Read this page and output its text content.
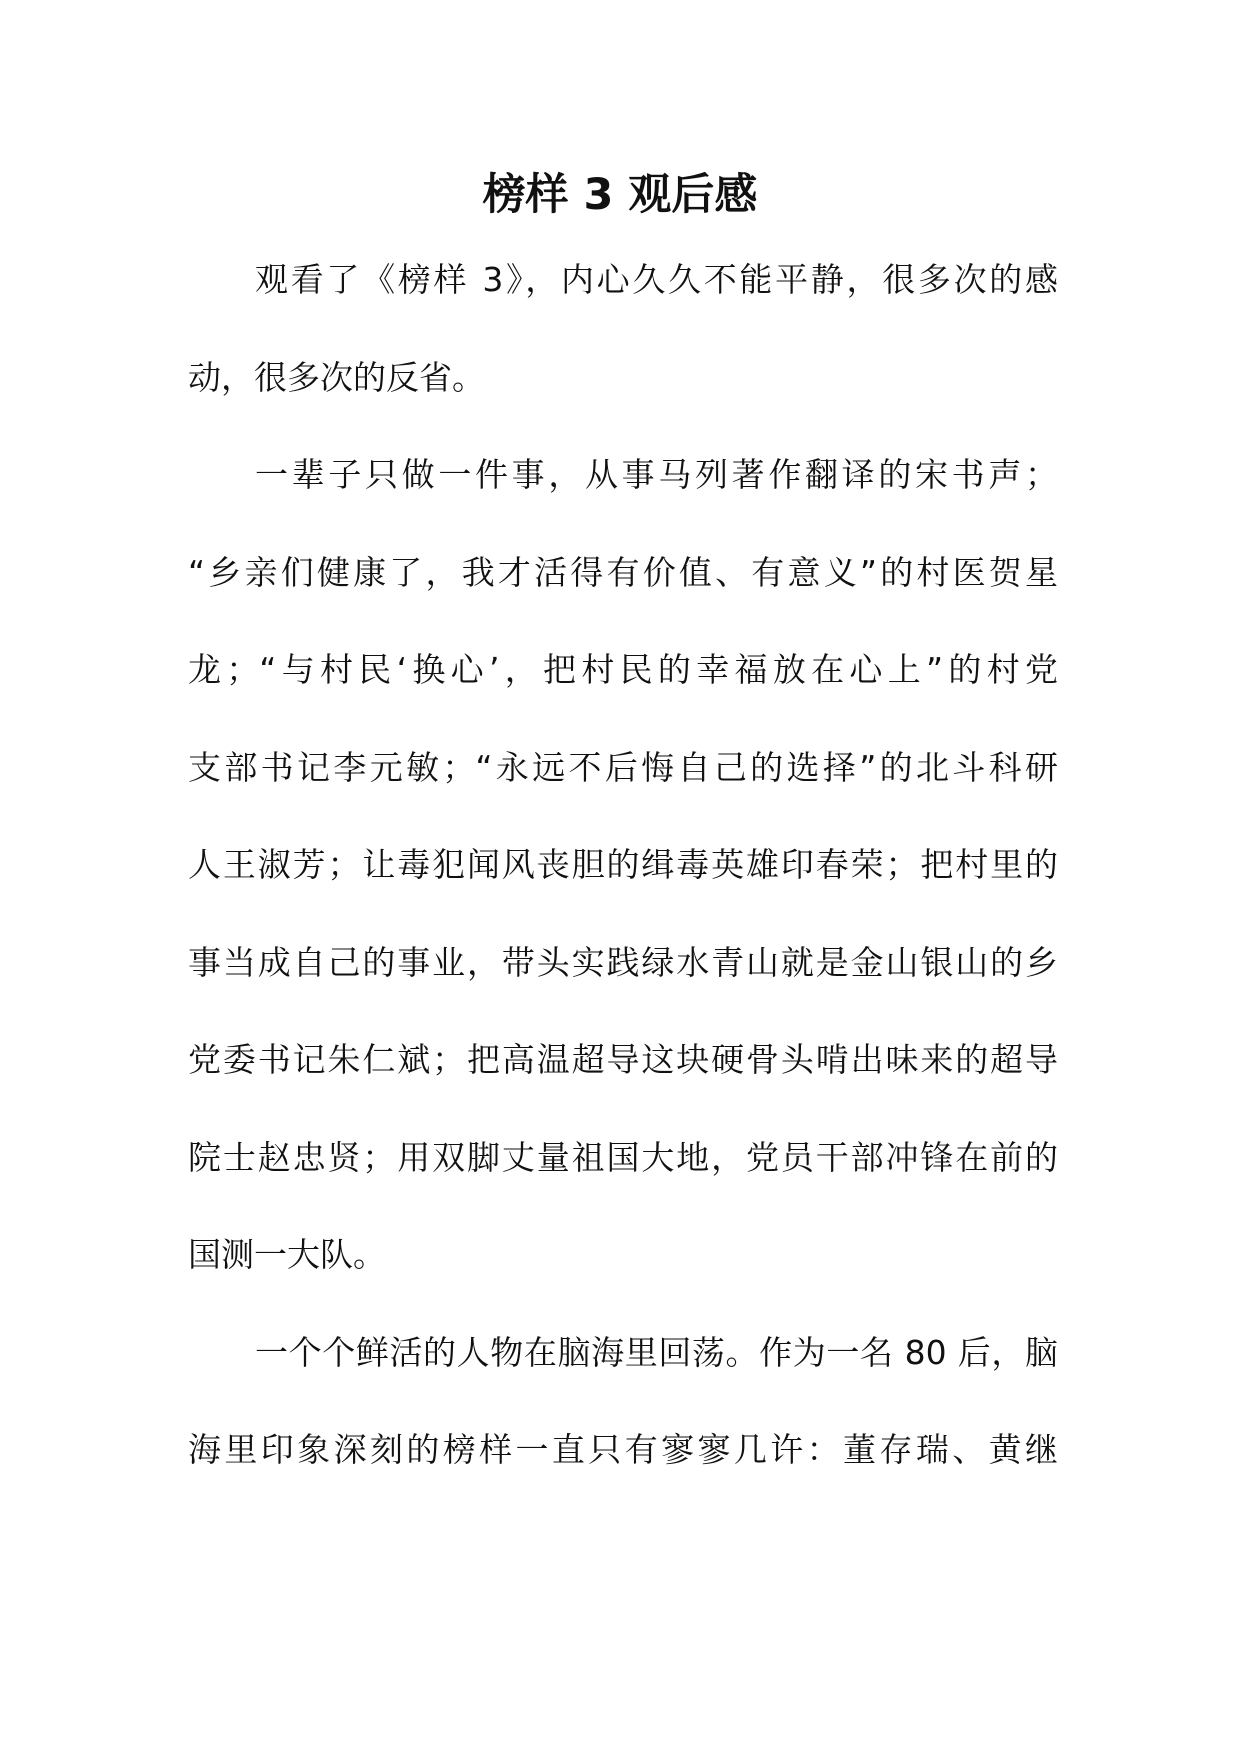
榜样 3 观后感

观看了《榜样 3》，内心久久不能平静，很多次的感

动，很多次的反省。

一辈子只做一件事，从事马列著作翻译的宋书声；

“乡亲们健康了，我才活得有价值、有意义”的村医贺星

龙；“与村民‘换心’，把村民的幸福放在心上”的村党

支部书记李元敏；“永远不后悔自己的选择”的北斗科研

人王淑芳；让毒犯闻风丧胆的缉毒英雄印春荣；把村里的

事当成自己的事业，带头实践绿水青山就是金山银山的乡

党委书记朱仁斌；把高温超导这块硬骨头啃出味来的超导

院士赵忠贤；用双脚丈量祖国大地，党员干部冲锋在前的

国测一大队。

一个个鲜活的人物在脑海里回荡。作为一名 80 后，脑

海里印象深刻的榜样一直只有寥寥几许：董存瑞、黄继
